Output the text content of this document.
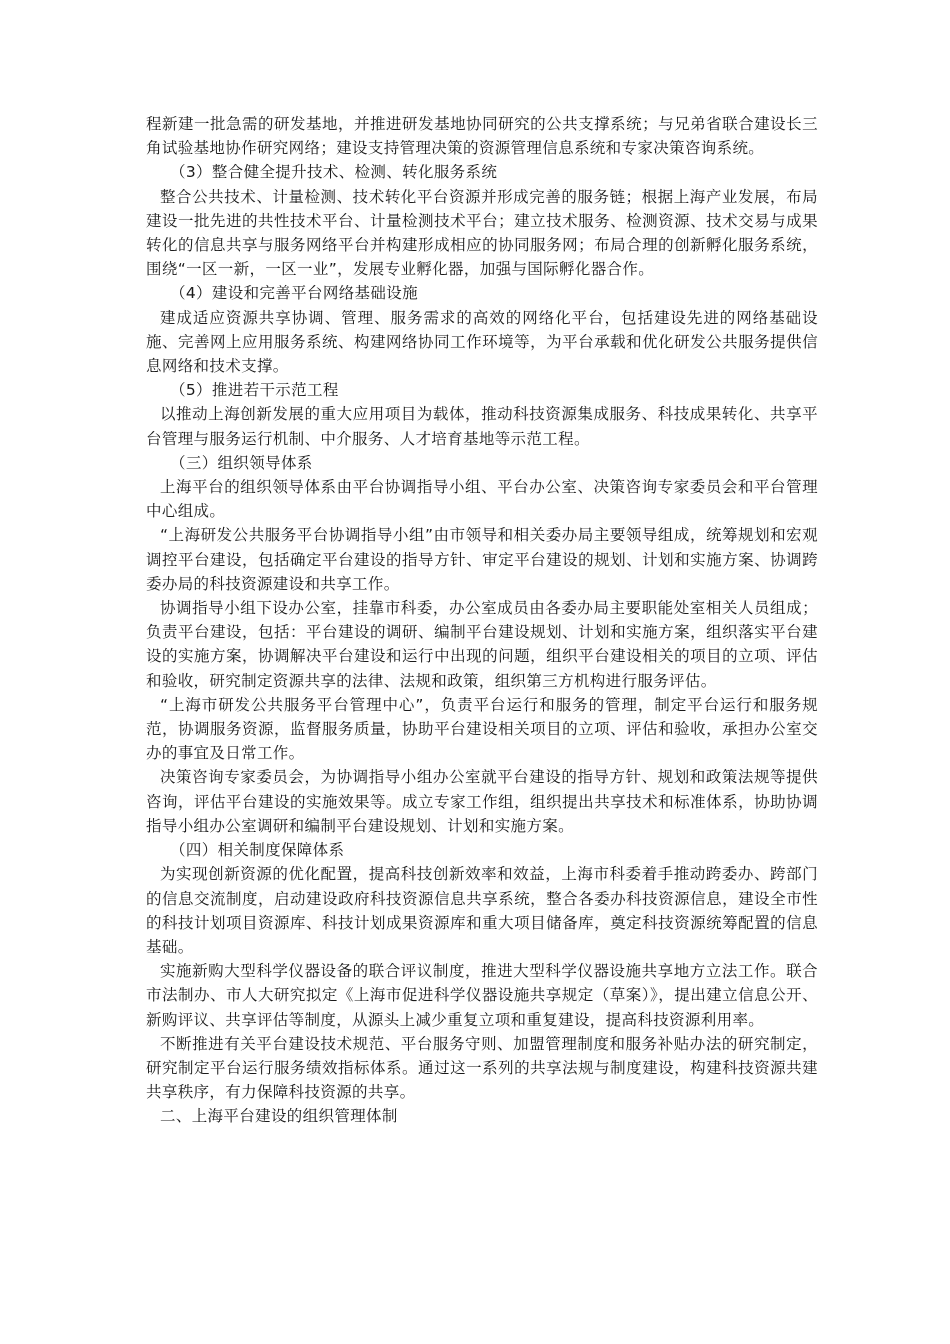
程新建一批急需的研发基地，并推进研发基地协同研究的公共支撑系统；与兄弟省联合建设长三角试验基地协作研究网络；建设支持管理决策的资源管理信息系统和专家决策咨询系统。

（3）整合健全提升技术、检测、转化服务系统

整合公共技术、计量检测、技术转化平台资源并形成完善的服务链；根据上海产业发展，布局建设一批先进的共性技术平台、计量检测技术平台；建立技术服务、检测资源、技术交易与成果转化的信息共享与服务网络平台并构建形成相应的协同服务网；布局合理的创新孵化服务系统，围绕“一区一新，一区一业”，发展专业孵化器，加强与国际孵化器合作。

（4）建设和完善平台网络基础设施

建成适应资源共享协调、管理、服务需求的高效的网络化平台，包括建设先进的网络基础设施、完善网上应用服务系统、构建网络协同工作环境等，为平台承载和优化研发公共服务提供信息网络和技术支撑。

（5）推进若干示范工程

以推动上海创新发展的重大应用项目为载体，推动科技资源集成服务、科技成果转化、共享平台管理与服务运行机制、中介服务、人才培育基地等示范工程。

（三）组织领导体系

上海平台的组织领导体系由平台协调指导小组、平台办公室、决策咨询专家委员会和平台管理中心组成。

“上海研发公共服务平台协调指导小组”由市领导和相关委办局主要领导组成，统筹规划和宏观调控平台建设，包括确定平台建设的指导方针、审定平台建设的规划、计划和实施方案、协调跨委办局的科技资源建设和共享工作。

协调指导小组下设办公室，挂靠市科委，办公室成员由各委办局主要职能处室相关人员组成；负责平台建设，包括：平台建设的调研、编制平台建设规划、计划和实施方案，组织落实平台建设的实施方案，协调解决平台建设和运行中出现的问题，组织平台建设相关的项目的立项、评估和验收，研究制定资源共享的法律、法规和政策，组织第三方机构进行服务评估。

“上海市研发公共服务平台管理中心”，负责平台运行和服务的管理，制定平台运行和服务规范，协调服务资源，监督服务质量，协助平台建设相关项目的立项、评估和验收，承担办公室交办的事宜及日常工作。

决策咨询专家委员会，为协调指导小组办公室就平台建设的指导方针、规划和政策法规等提供咨询，评估平台建设的实施效果等。成立专家工作组，组织提出共享技术和标准体系，协助协调指导小组办公室调研和编制平台建设规划、计划和实施方案。

（四）相关制度保障体系

为实现创新资源的优化配置，提高科技创新效率和效益，上海市科委着手推动跨委办、跨部门的信息交流制度，启动建设政府科技资源信息共享系统，整合各委办科技资源信息，建设全市性的科技计划项目资源库、科技计划成果资源库和重大项目储备库，奠定科技资源统筹配置的信息基础。

实施新购大型科学仪器设备的联合评议制度，推进大型科学仪器设施共享地方立法工作。联合市法制办、市人大研究拟定《上海市促进科学仪器设施共享规定（草案）》，提出建立信息公开、新购评议、共享评估等制度，从源头上减少重复立项和重复建设，提高科技资源利用率。

不断推进有关平台建设技术规范、平台服务守则、加盟管理制度和服务补贴办法的研究制定，研究制定平台运行服务绩效指标体系。通过这一系列的共享法规与制度建设，构建科技资源共建共享秩序，有力保障科技资源的共享。

二、上海平台建设的组织管理体制
